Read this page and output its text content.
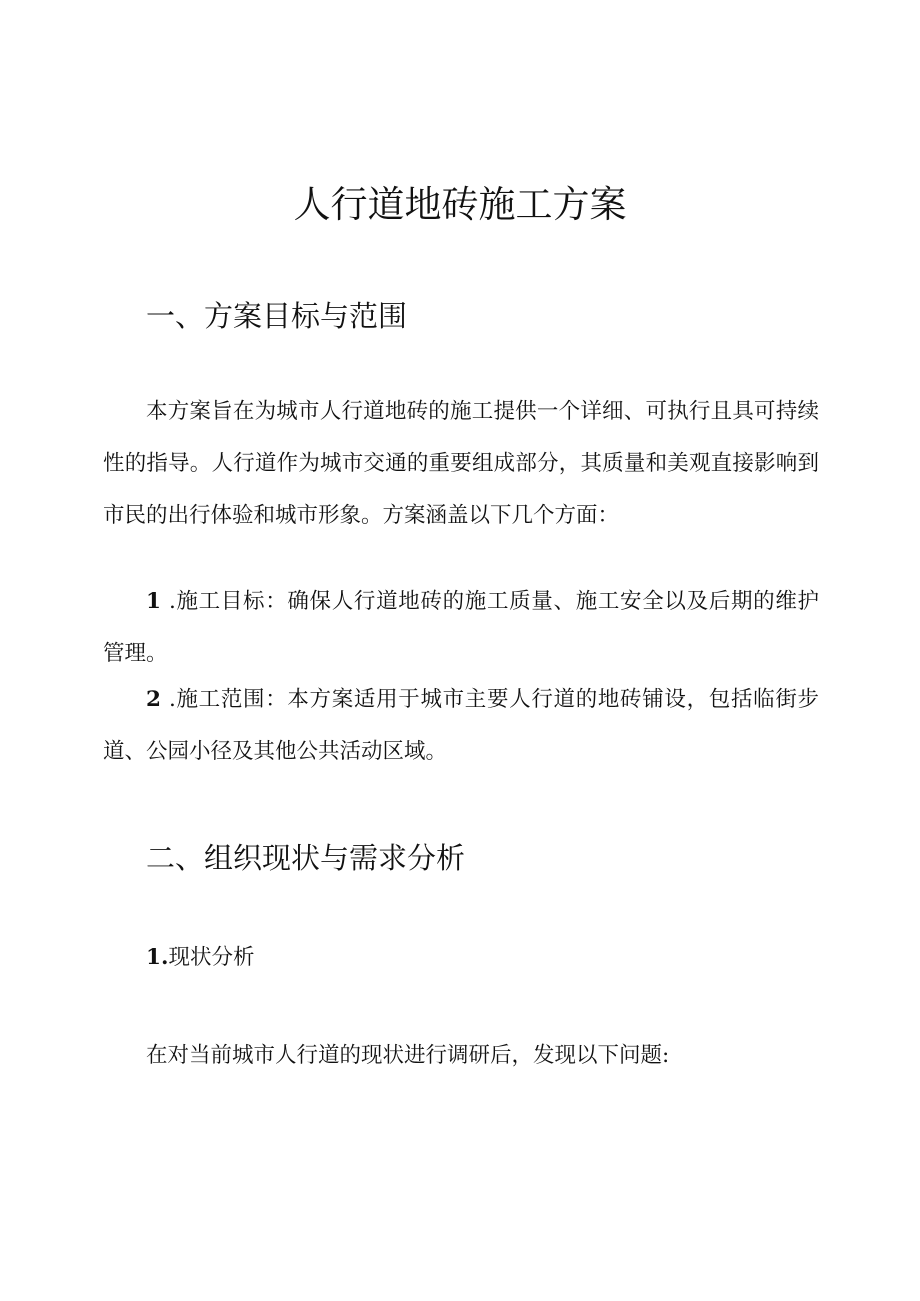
人行道地砖施工方案
一、方案目标与范围

本方案旨在为城市人行道地砖的施工提供一个详细、可执行且具可持续性的指导。人行道作为城市交通的重要组成部分，其质量和美观直接影响到市民的出行体验和城市形象。方案涵盖以下几个方面：

1 .施工目标：确保人行道地砖的施工质量、施工安全以及后期的维护管理。

2 .施工范围：本方案适用于城市主要人行道的地砖铺设，包括临街步道、公园小径及其他公共活动区域。

二、组织现状与需求分析

1.现状分析

在对当前城市人行道的现状进行调研后，发现以下问题:
